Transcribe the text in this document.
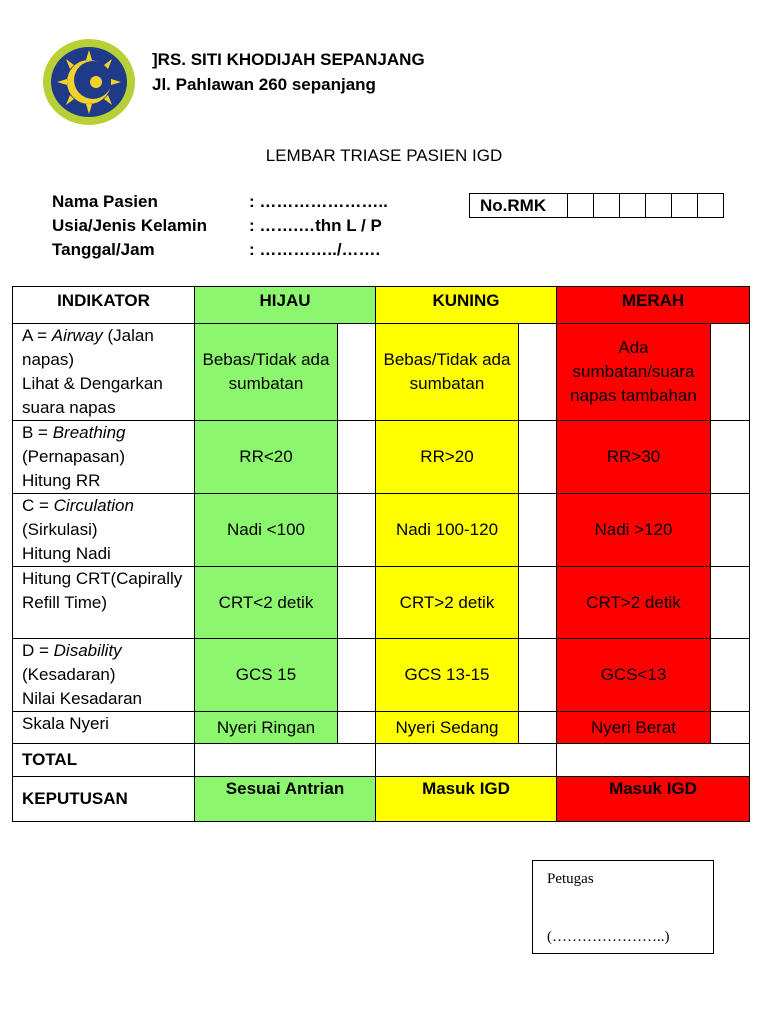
]RS. SITI KHODIJAH SEPANJANG
Jl. Pahlawan 260 sepanjang
LEMBAR TRIASE PASIEN IGD
Nama Pasien	: …………………..
Usia/Jenis Kelamin : …….…thn L / P
Tanggal/Jam	: …………../…….
No.RMK
INDIKATOR	HIJAU		KUNING		MERAH	
A = Airway (Jalan napas)
Lihat & Dengarkan suara napas	Bebas/Tidak ada sumbatan		Bebas/Tidak ada sumbatan		Ada sumbatan/suara napas tambahan	
B = Breathing (Pernapasan)
Hitung RR	RR<20		RR>20		RR>30	
C = Circulation (Sirkulasi)
Hitung Nadi	Nadi <100		Nadi 100-120		Nadi >120	
Hitung CRT(Capirally Refill Time)	CRT<2 detik		CRT>2 detik		CRT>2 detik	
D = Disability (Kesadaran)
Nilai Kesadaran	GCS 15		GCS 13-15		GCS<13	
Skala Nyeri	Nyeri Ringan		Nyeri Sedang		Nyeri Berat	
TOTAL						
KEPUTUSAN	Sesuai Antrian		Masuk IGD		Masuk IGD	
Petugas
(…………………..)
